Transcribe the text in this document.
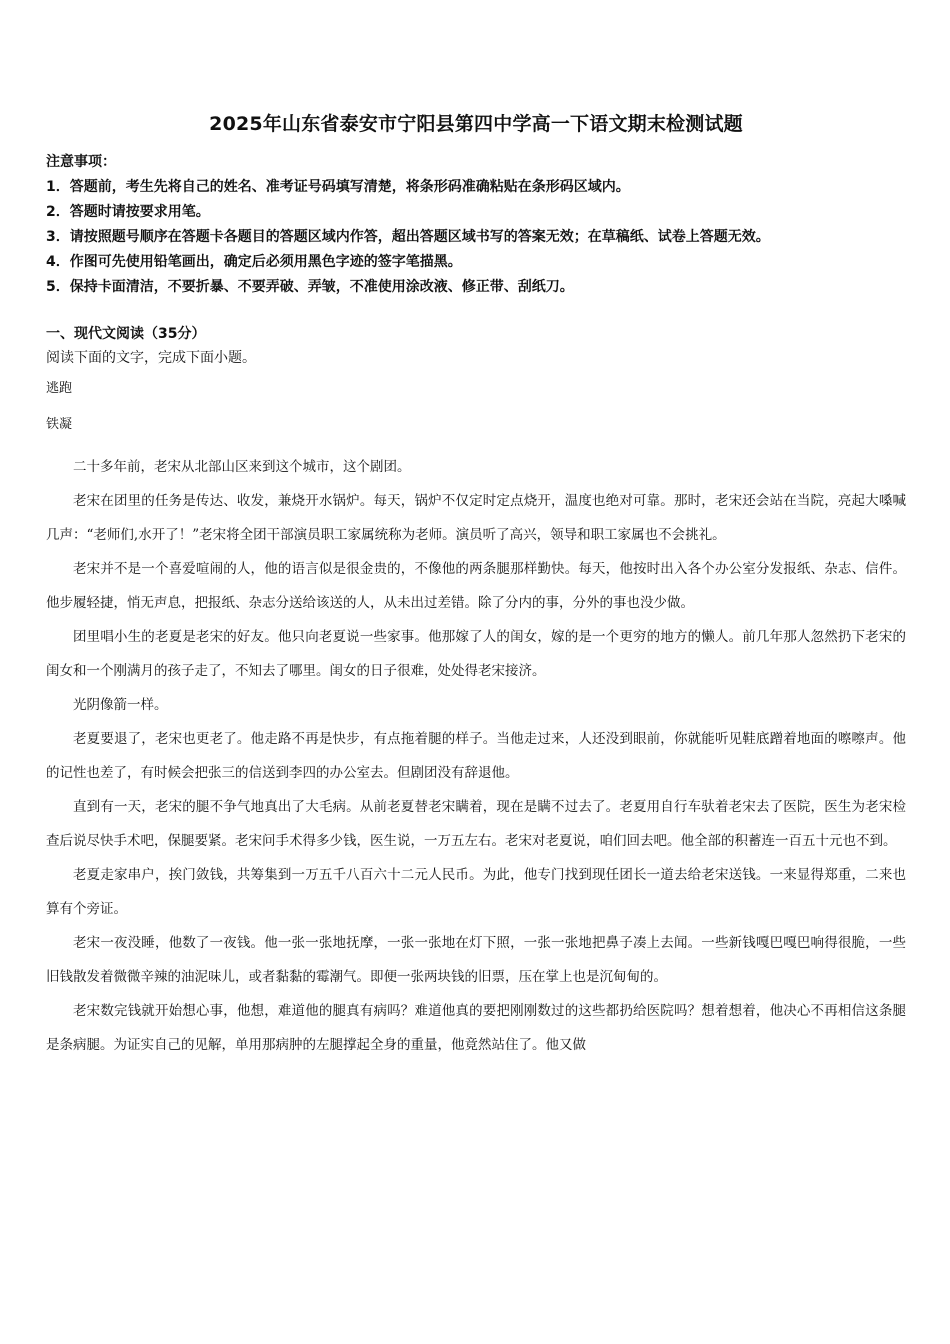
2025年山东省泰安市宁阳县第四中学高一下语文期末检测试题

注意事项：

1．答题前，考生先将自己的姓名、准考证号码填写清楚，将条形码准确粘贴在条形码区域内。

2．答题时请按要求用笔。

3．请按照题号顺序在答题卡各题目的答题区域内作答，超出答题区域书写的答案无效；在草稿纸、试卷上答题无效。

4．作图可先使用铅笔画出，确定后必须用黑色字迹的签字笔描黑。

5．保持卡面清洁，不要折暴、不要弄破、弄皱，不准使用涂改液、修正带、刮纸刀。

一、现代文阅读（35分）

阅读下面的文字，完成下面小题。

逃跑

铁凝

二十多年前，老宋从北部山区来到这个城市，这个剧团。

老宋在团里的任务是传达、收发，兼烧开水锅炉。每天，锅炉不仅定时定点烧开，温度也绝对可靠。那时，老宋还会站在当院，亮起大嗓喊几声：“老师们,水开了！”老宋将全团干部演员职工家属统称为老师。演员听了高兴，领导和职工家属也不会挑礼。

老宋并不是一个喜爱喧闹的人，他的语言似是很金贵的，不像他的两条腿那样勤快。每天，他按时出入各个办公室分发报纸、杂志、信件。他步履轻捷，悄无声息，把报纸、杂志分送给该送的人，从未出过差错。除了分内的事，分外的事也没少做。

团里唱小生的老夏是老宋的好友。他只向老夏说一些家事。他那嫁了人的闺女，嫁的是一个更穷的地方的懒人。前几年那人忽然扔下老宋的闺女和一个刚满月的孩子走了，不知去了哪里。闺女的日子很难，处处得老宋接济。

光阴像箭一样。

老夏要退了，老宋也更老了。他走路不再是快步，有点拖着腿的样子。当他走过来，人还没到眼前，你就能听见鞋底蹭着地面的嚓嚓声。他的记性也差了，有时候会把张三的信送到李四的办公室去。但剧团没有辞退他。

直到有一天，老宋的腿不争气地真出了大毛病。从前老夏替老宋瞒着，现在是瞒不过去了。老夏用自行车驮着老宋去了医院，医生为老宋检查后说尽快手术吧，保腿要紧。老宋问手术得多少钱，医生说，一万五左右。老宋对老夏说，咱们回去吧。他全部的积蓄连一百五十元也不到。

老夏走家串户，挨门敛钱，共筹集到一万五千八百六十二元人民币。为此，他专门找到现任团长一道去给老宋送钱。一来显得郑重，二来也算有个旁证。

老宋一夜没睡，他数了一夜钱。他一张一张地抚摩，一张一张地在灯下照，一张一张地把鼻子凑上去闻。一些新钱嘎巴嘎巴响得很脆，一些旧钱散发着微微辛辣的油泥味儿，或者黏黏的霉潮气。即便一张两块钱的旧票，压在掌上也是沉甸甸的。

老宋数完钱就开始想心事，他想，难道他的腿真有病吗？难道他真的要把刚刚数过的这些都扔给医院吗？想着想着，他决心不再相信这条腿是条病腿。为证实自己的见解，单用那病肿的左腿撑起全身的重量，他竟然站住了。他又做
